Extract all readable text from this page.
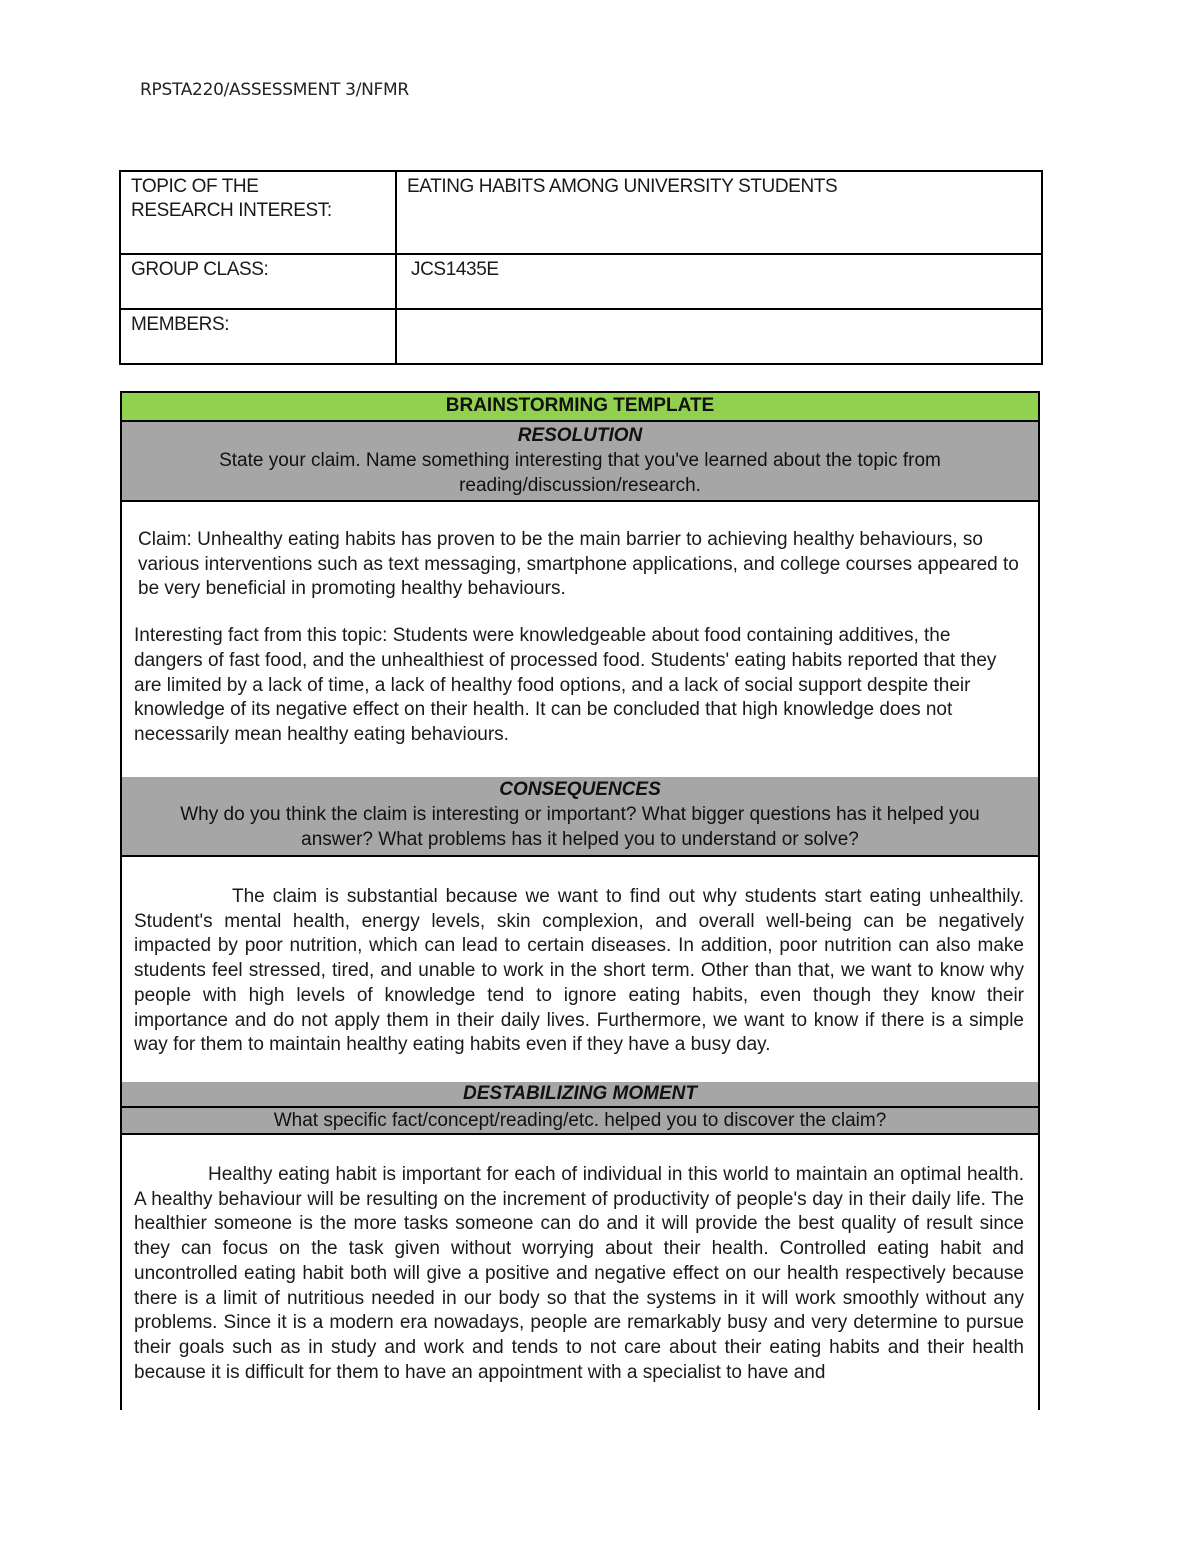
RPSTA220/ASSESSMENT 3/NFMR
TOPIC OF THE RESEARCH INTEREST:	EATING HABITS AMONG UNIVERSITY STUDENTS
GROUP CLASS:	JCS1435E
MEMBERS:	
BRAINSTORMING TEMPLATE
RESOLUTION
State your claim. Name something interesting that you've learned about the topic from reading/discussion/research.

Claim: Unhealthy eating habits has proven to be the main barrier to achieving healthy behaviours, so various interventions such as text messaging, smartphone applications, and college courses appeared to be very beneficial in promoting healthy behaviours.

Interesting fact from this topic: Students were knowledgeable about food containing additives, the dangers of fast food, and the unhealthiest of processed food. Students' eating habits reported that they are limited by a lack of time, a lack of healthy food options, and a lack of social support despite their knowledge of its negative effect on their health. It can be concluded that high knowledge does not necessarily mean healthy eating behaviours.

CONSEQUENCES
Why do you think the claim is interesting or important? What bigger questions has it helped you answer? What problems has it helped you to understand or solve?

The claim is substantial because we want to find out why students start eating unhealthily. Student's mental health, energy levels, skin complexion, and overall well-being can be negatively impacted by poor nutrition, which can lead to certain diseases. In addition, poor nutrition can also make students feel stressed, tired, and unable to work in the short term. Other than that, we want to know why people with high levels of knowledge tend to ignore eating habits, even though they know their importance and do not apply them in their daily lives. Furthermore, we want to know if there is a simple way for them to maintain healthy eating habits even if they have a busy day.

DESTABILIZING MOMENT
What specific fact/concept/reading/etc. helped you to discover the claim?

Healthy eating habit is important for each of individual in this world to maintain an optimal health. A healthy behaviour will be resulting on the increment of productivity of people's day in their daily life. The healthier someone is the more tasks someone can do and it will provide the best quality of result since they can focus on the task given without worrying about their health. Controlled eating habit and uncontrolled eating habit both will give a positive and negative effect on our health respectively because there is a limit of nutritious needed in our body so that the systems in it will work smoothly without any problems. Since it is a modern era nowadays, people are remarkably busy and very determine to pursue their goals such as in study and work and tends to not care about their eating habits and their health because it is difficult for them to have an appointment with a specialist to have and
